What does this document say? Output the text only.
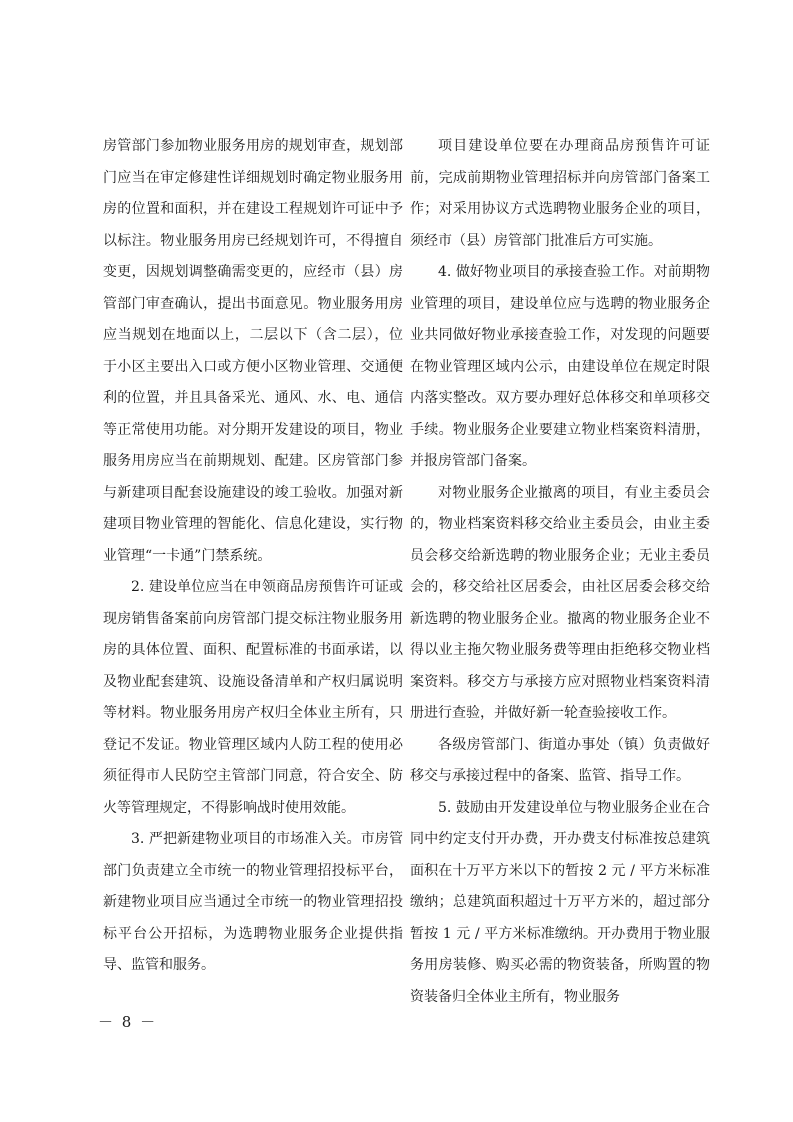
房管部门参加物业服务用房的规划审查，规划部门应当在审定修建性详细规划时确定物业服务用房的位置和面积，并在建设工程规划许可证中予以标注。物业服务用房已经规划许可，不得擅自变更，因规划调整确需变更的，应经市（县）房管部门审查确认，提出书面意见。物业服务用房应当规划在地面以上，二层以下（含二层），位于小区主要出入口或方便小区物业管理、交通便利的位置，并且具备采光、通风、水、电、通信等正常使用功能。对分期开发建设的项目，物业服务用房应当在前期规划、配建。区房管部门参与新建项目配套设施建设的竣工验收。加强对新建项目物业管理的智能化、信息化建设，实行物业管理“一卡通”门禁系统。

2. 建设单位应当在申领商品房预售许可证或现房销售备案前向房管部门提交标注物业服务用房的具体位置、面积、配置标准的书面承诺，以及物业配套建筑、设施设备清单和产权归属说明等材料。物业服务用房产权归全体业主所有，只登记不发证。物业管理区域内人防工程的使用必须征得市人民防空主管部门同意，符合安全、防火等管理规定，不得影响战时使用效能。

3. 严把新建物业项目的市场准入关。市房管部门负责建立全市统一的物业管理招投标平台，新建物业项目应当通过全市统一的物业管理招投标平台公开招标，为选聘物业服务企业提供指导、监管和服务。

项目建设单位要在办理商品房预售许可证前，完成前期物业管理招标并向房管部门备案工作；对采用协议方式选聘物业服务企业的项目，须经市（县）房管部门批准后方可实施。

4. 做好物业项目的承接查验工作。对前期物业管理的项目，建设单位应与选聘的物业服务企业共同做好物业承接查验工作，对发现的问题要在物业管理区域内公示，由建设单位在规定时限内落实整改。双方要办理好总体移交和单项移交手续。物业服务企业要建立物业档案资料清册，并报房管部门备案。

对物业服务企业撤离的项目，有业主委员会的，物业档案资料移交给业主委员会，由业主委员会移交给新选聘的物业服务企业；无业主委员会的，移交给社区居委会，由社区居委会移交给新选聘的物业服务企业。撤离的物业服务企业不得以业主拖欠物业服务费等理由拒绝移交物业档案资料。移交方与承接方应对照物业档案资料清册进行查验，并做好新一轮查验接收工作。

各级房管部门、街道办事处（镇）负责做好移交与承接过程中的备案、监管、指导工作。

5. 鼓励由开发建设单位与物业服务企业在合同中约定支付开办费，开办费支付标准按总建筑面积在十万平方米以下的暂按 2 元 / 平方米标准缴纳；总建筑面积超过十万平方米的，超过部分暂按 1 元 / 平方米标准缴纳。开办费用于物业服务用房装修、购买必需的物资装备，所购置的物资装备归全体业主所有，物业服务

－ 8 －
